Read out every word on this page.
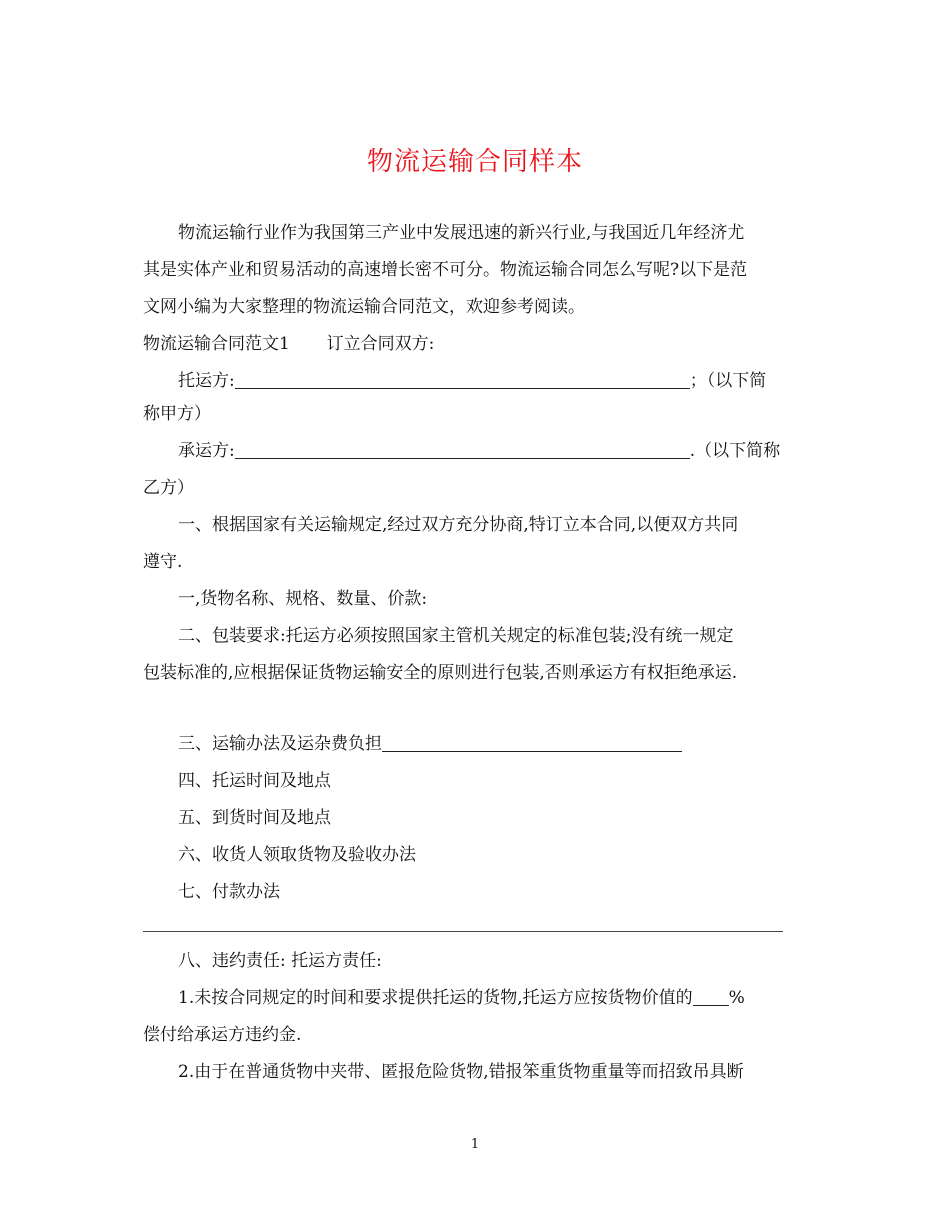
物流运输合同样本
物流运输行业作为我国第三产业中发展迅速的新兴行业,与我国近几年经济尤
其是实体产业和贸易活动的高速增长密不可分。物流运输合同怎么写呢?以下是范
文网小编为大家整理的物流运输合同范文，欢迎参考阅读。
物流运输合同范文1 订立合同双方:
托运方:	；（以下简
称甲方）
承运方:	.（以下简称
乙方）
一、根据国家有关运输规定,经过双方充分协商,特订立本合同,以便双方共同
遵守.
一,货物名称、规格、数量、价款:
二、包装要求:托运方必须按照国家主管机关规定的标准包装;没有统一规定
包装标准的,应根据保证货物运输安全的原则进行包装,否则承运方有权拒绝承运.
三、运输办法及运杂费负担
四、托运时间及地点
五、到货时间及地点
六、收货人领取货物及验收办法
七、付款办法
八、违约责任: 托运方责任:
1.未按合同规定的时间和要求提供托运的货物,托运方应按货物价值的 %
偿付给承运方违约金.
2.由于在普通货物中夹带、匿报危险货物,错报笨重货物重量等而招致吊具断
1
